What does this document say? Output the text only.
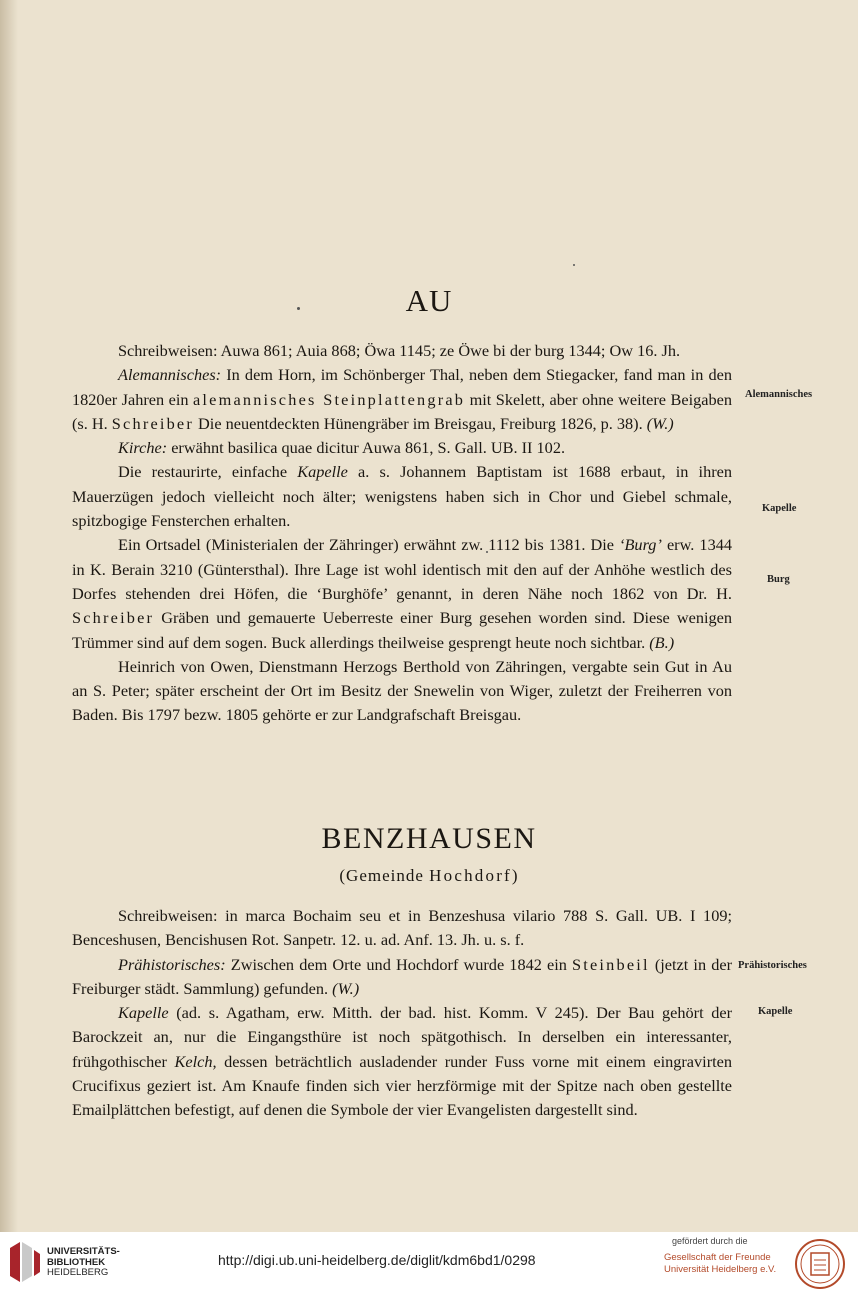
AU

Schreibweisen: Auwa 861; Auia 868; Öwa 1145; ze Öwe bi der burg 1344; Ow 16. Jh.

Alemannisches: In dem Horn, im Schönberger Thal, neben dem Stiegacker, fand man in den 1820er Jahren ein alemannisches Steinplattengrab mit Skelett, aber ohne weitere Beigaben (s. H. Schreiber Die neuentdeckten Hünengräber im Breisgau, Freiburg 1826, p. 38). (W.)

Kirche: erwähnt basilica quae dicitur Auwa 861, S. Gall. UB. II 102.

Die restaurirte, einfache Kapelle a. s. Johannem Baptistam ist 1688 erbaut, in ihren Mauerzügen jedoch vielleicht noch älter; wenigstens haben sich in Chor und Giebel schmale, spitzbogige Fensterchen erhalten.

Ein Ortsadel (Ministerialen der Zähringer) erwähnt zw. 1112 bis 1381. Die ‘Burg’ erw. 1344 in K. Berain 3210 (Güntersthal). Ihre Lage ist wohl identisch mit den auf der Anhöhe westlich des Dorfes stehenden drei Höfen, die ‘Burghöfe’ genannt, in deren Nähe noch 1862 von Dr. H. Schreiber Gräben und gemauerte Ueberreste einer Burg gesehen worden sind. Diese wenigen Trümmer sind auf dem sogen. Buck allerdings theilweise gesprengt heute noch sichtbar. (B.)

Heinrich von Owen, Dienstmann Herzogs Berthold von Zähringen, vergabte sein Gut in Au an S. Peter; später erscheint der Ort im Besitz der Snewelin von Wiger, zuletzt der Freiherren von Baden. Bis 1797 bezw. 1805 gehörte er zur Landgrafschaft Breisgau.

Alemannisches
Kapelle
Burg
BENZHAUSEN
(Gemeinde Hochdorf)

Schreibweisen: in marca Bochaim seu et in Benzeshusa vilario 788 S. Gall. UB. I 109; Benceshusen, Bencishusen Rot. Sanpetr. 12. u. ad. Anf. 13. Jh. u. s. f.

Prähistorisches: Zwischen dem Orte und Hochdorf wurde 1842 ein Steinbeil (jetzt in der Freiburger städt. Sammlung) gefunden. (W.)

Kapelle (ad. s. Agatham, erw. Mitth. der bad. hist. Komm. V 245). Der Bau gehört der Barockzeit an, nur die Eingangsthüre ist noch spätgothisch. In derselben ein interessanter, frühgothischer Kelch, dessen beträchtlich ausladender runder Fuss vorne mit einem eingravirten Crucifixus geziert ist. Am Knaufe finden sich vier herzförmige mit der Spitze nach oben gestellte Emailplättchen befestigt, auf denen die Symbole der vier Evangelisten dargestellt sind.

Prähistorisches
Kapelle
UNIVERSITÄTS-
BIBLIOTHEK
HEIDELBERG
http://digi.ub.uni-heidelberg.de/diglit/kdm6bd1/0298
gefördert durch die
Gesellschaft der Freunde
Universität Heidelberg e.V.
